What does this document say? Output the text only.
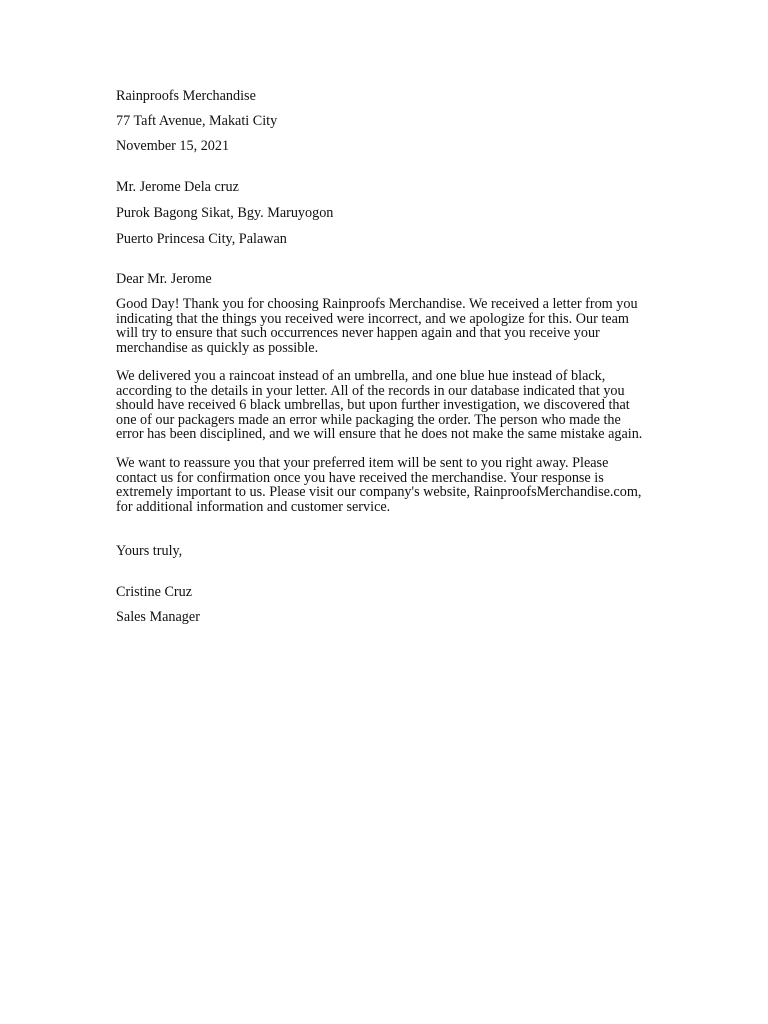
Rainproofs Merchandise
77 Taft Avenue, Makati City
November 15, 2021
Mr. Jerome Dela cruz
Purok Bagong Sikat, Bgy. Maruyogon
Puerto Princesa City, Palawan
Dear Mr. Jerome
Good Day! Thank you for choosing Rainproofs Merchandise. We received a letter from you
indicating that the things you received were incorrect, and we apologize for this. Our team
will try to ensure that such occurrences never happen again and that you receive your
merchandise as quickly as possible.
We delivered you a raincoat instead of an umbrella, and one blue hue instead of black,
according to the details in your letter. All of the records in our database indicated that you
should have received 6 black umbrellas, but upon further investigation, we discovered that
one of our packagers made an error while packaging the order. The person who made the
error has been disciplined, and we will ensure that he does not make the same mistake again.
We want to reassure you that your preferred item will be sent to you right away. Please
contact us for confirmation once you have received the merchandise. Your response is
extremely important to us. Please visit our company's website, RainproofsMerchandise.com,
for additional information and customer service.
Yours truly,
Cristine Cruz
Sales Manager
